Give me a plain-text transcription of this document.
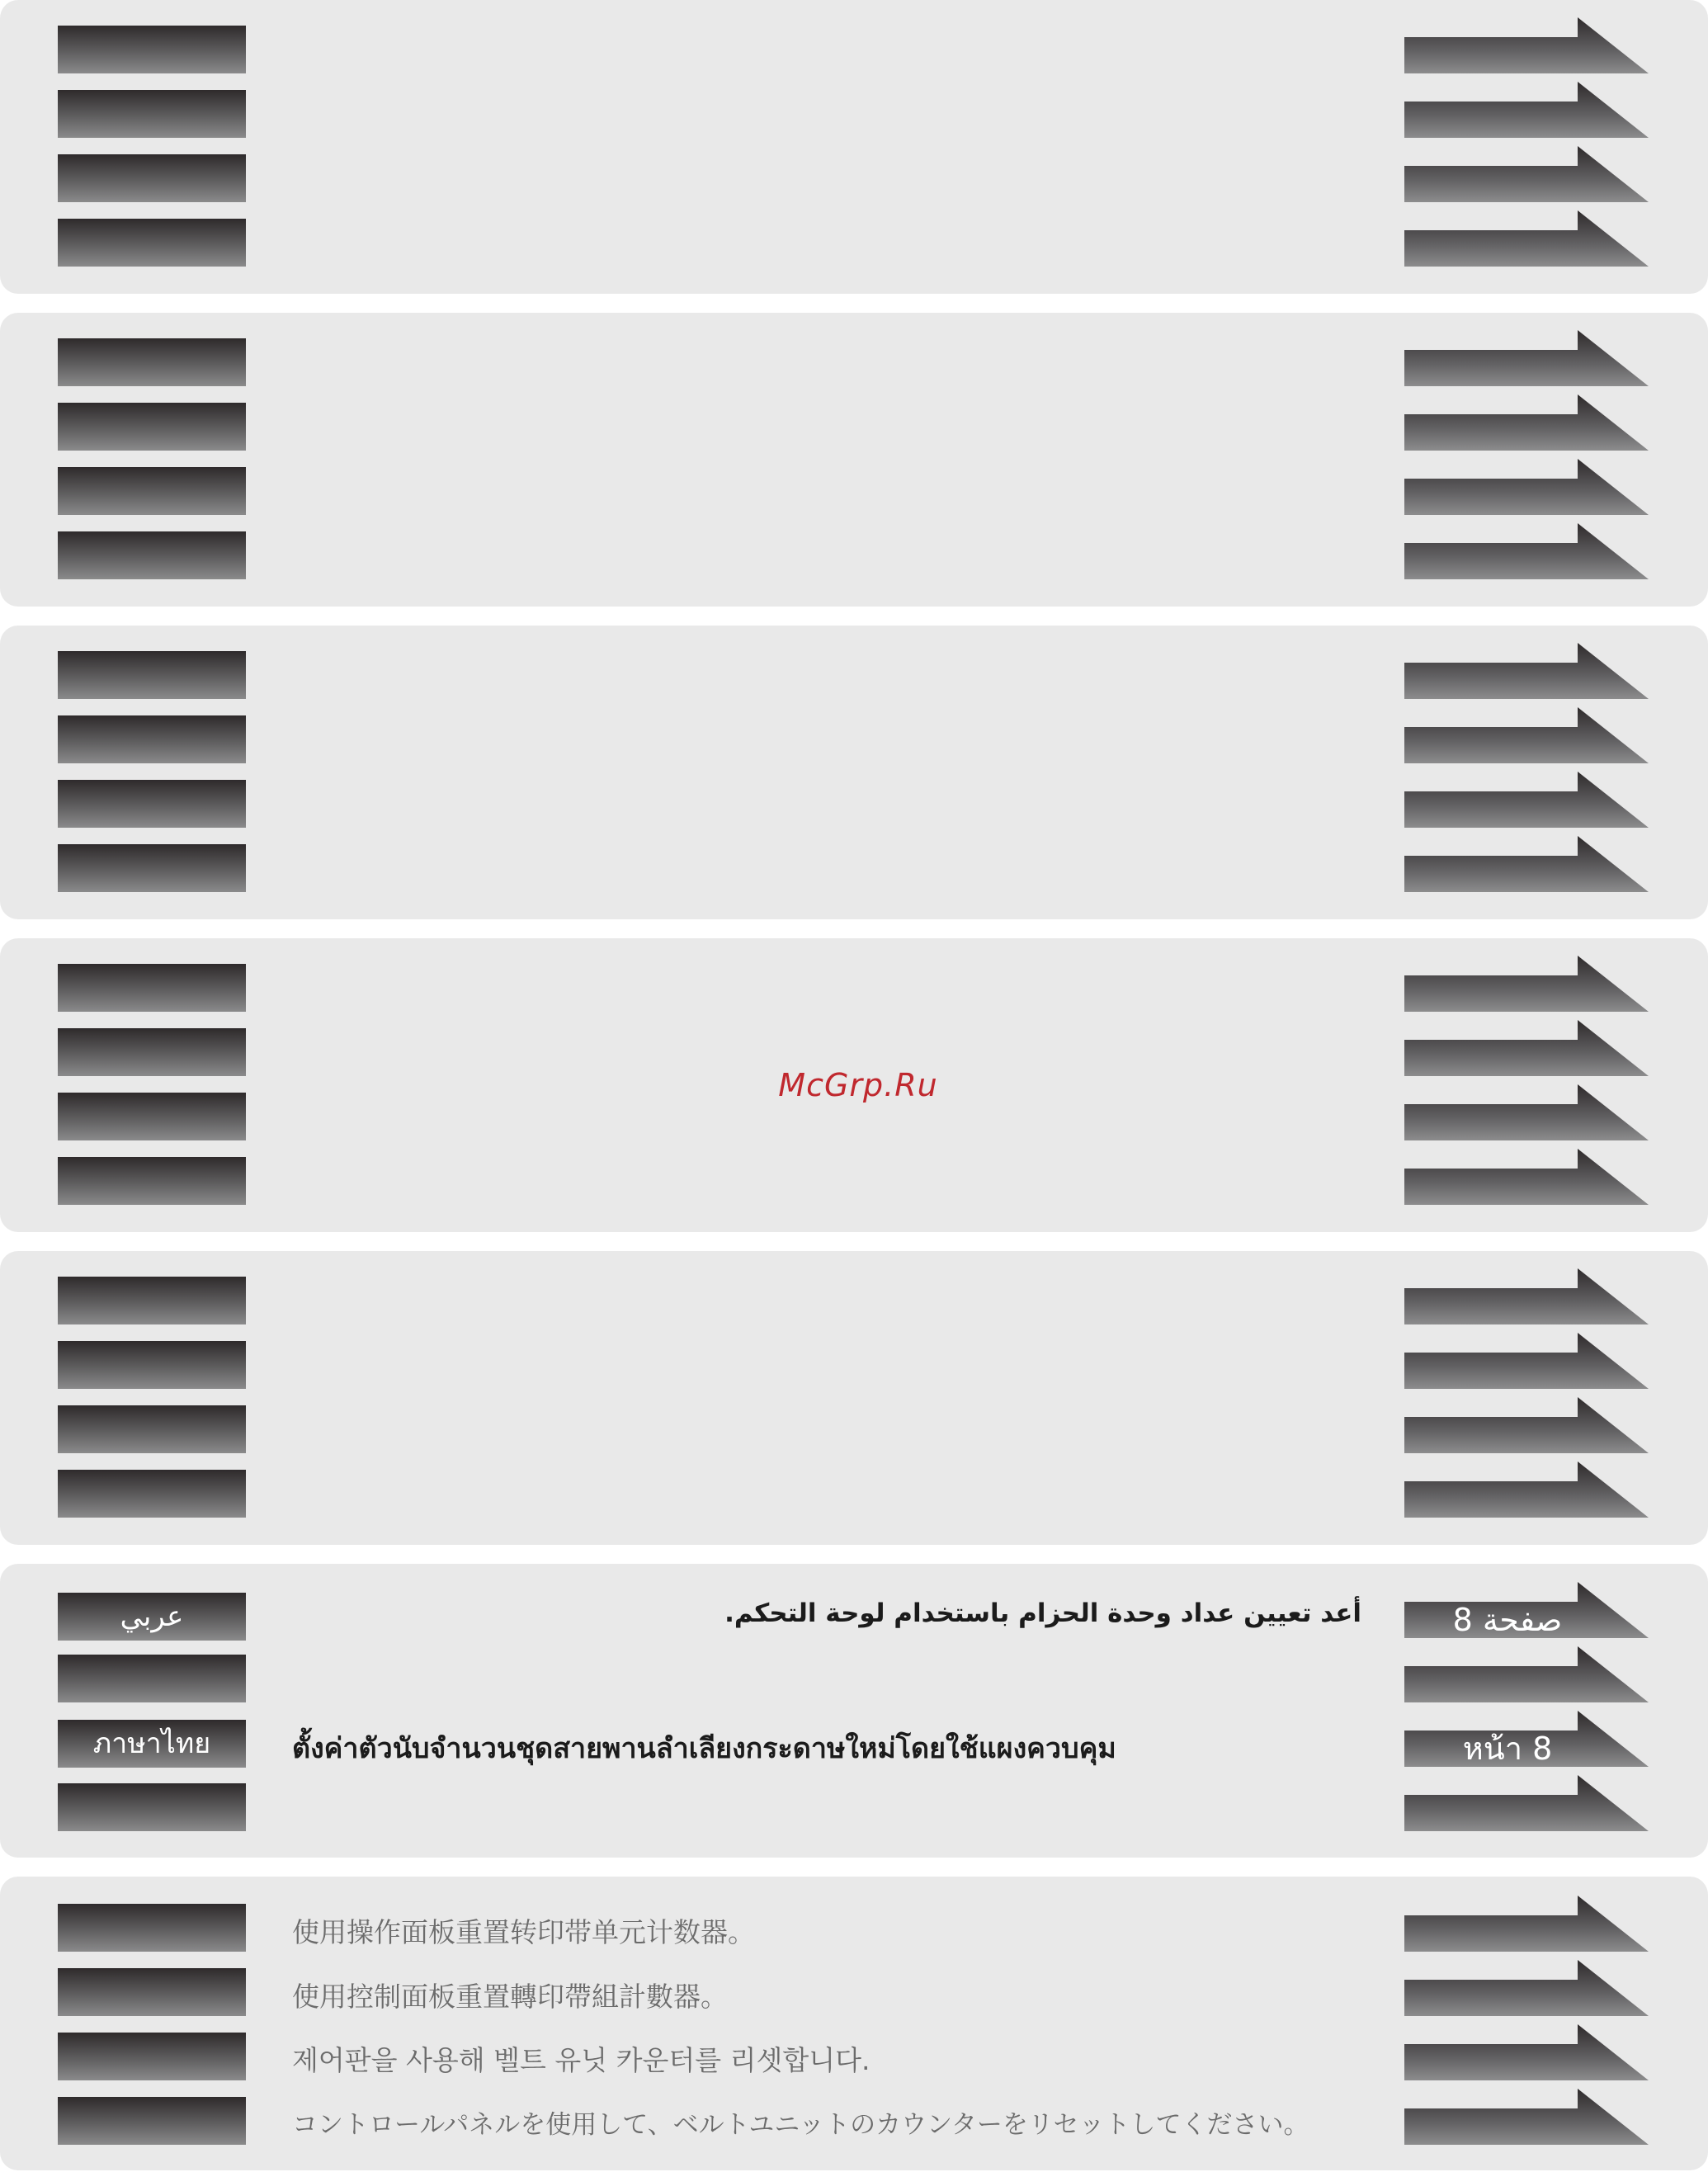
McGrp.Ru
عربي
ภาษาไทย
أعد تعيين عداد وحدة الحزام باستخدام لوحة التحكم.
ตั้งค่าตัวนับจำนวนชุดสายพานลำเลียงกระดาษใหม่โดยใช้แผงควบคุม
صفحة 8
หน้า 8
使用操作面板重置转印带单元计数器。
使用控制面板重置轉印帶組計數器。
제어판을 사용해 벨트 유닛 카운터를 리셋합니다.
コントロールパネルを使用して、ベルトユニットのカウンターをリセットしてください。
